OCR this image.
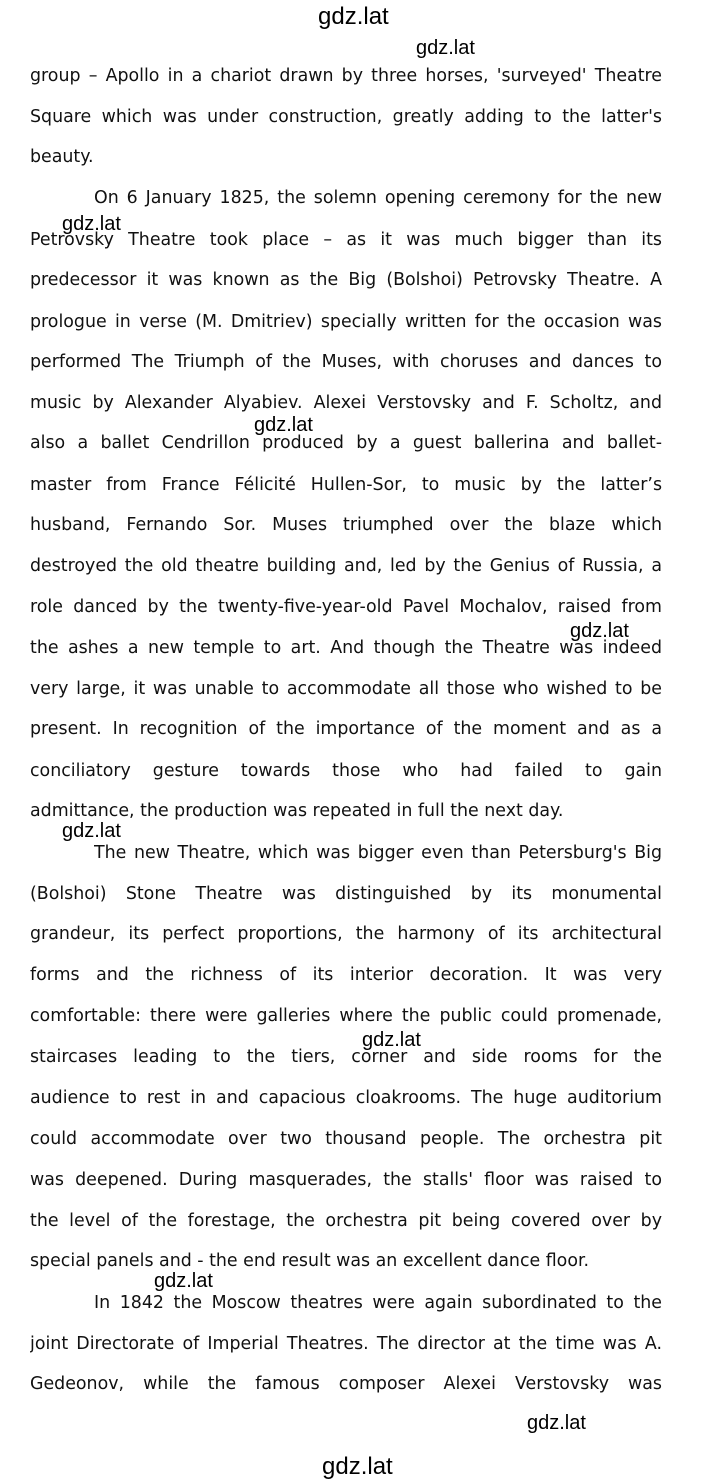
gdz.lat
gdz.lat
gdz.lat
gdz.lat
gdz.lat
gdz.lat
gdz.lat
gdz.lat
gdz.lat
gdz.lat
group – Apollo in a chariot drawn by three horses, 'surveyed' Theatre
Square which was under construction, greatly adding to the latter's
beauty.
On 6 January 1825, the solemn opening ceremony for the new
Petrovsky Theatre took place – as it was much bigger than its
predecessor it was known as the Big (Bolshoi) Petrovsky Theatre. A
prologue in verse (M. Dmitriev) specially written for the occasion was
performed The Triumph of the Muses, with choruses and dances to
music by Alexander Alyabiev. Alexei Verstovsky and F. Scholtz, and
also a ballet Cendrillon produced by a guest ballerina and ballet-
master from France Félicité Hullen-Sor, to music by the latter’s
husband, Fernando Sor. Muses triumphed over the blaze which
destroyed the old theatre building and, led by the Genius of Russia, a
role danced by the twenty-five-year-old Pavel Mochalov, raised from
the ashes a new temple to art. And though the Theatre was indeed
very large, it was unable to accommodate all those who wished to be
present. In recognition of the importance of the moment and as a
conciliatory gesture towards those who had failed to gain
admittance, the production was repeated in full the next day.
The new Theatre, which was bigger even than Petersburg's Big
(Bolshoi) Stone Theatre was distinguished by its monumental
grandeur, its perfect proportions, the harmony of its architectural
forms and the richness of its interior decoration. It was very
comfortable: there were galleries where the public could promenade,
staircases leading to the tiers, corner and side rooms for the
audience to rest in and capacious cloakrooms. The huge auditorium
could accommodate over two thousand people. The orchestra pit
was deepened. During masquerades, the stalls' floor was raised to
the level of the forestage, the orchestra pit being covered over by
special panels and - the end result was an excellent dance floor.
In 1842 the Moscow theatres were again subordinated to the
joint Directorate of Imperial Theatres. The director at the time was A.
Gedeonov, while the famous composer Alexei Verstovsky was
